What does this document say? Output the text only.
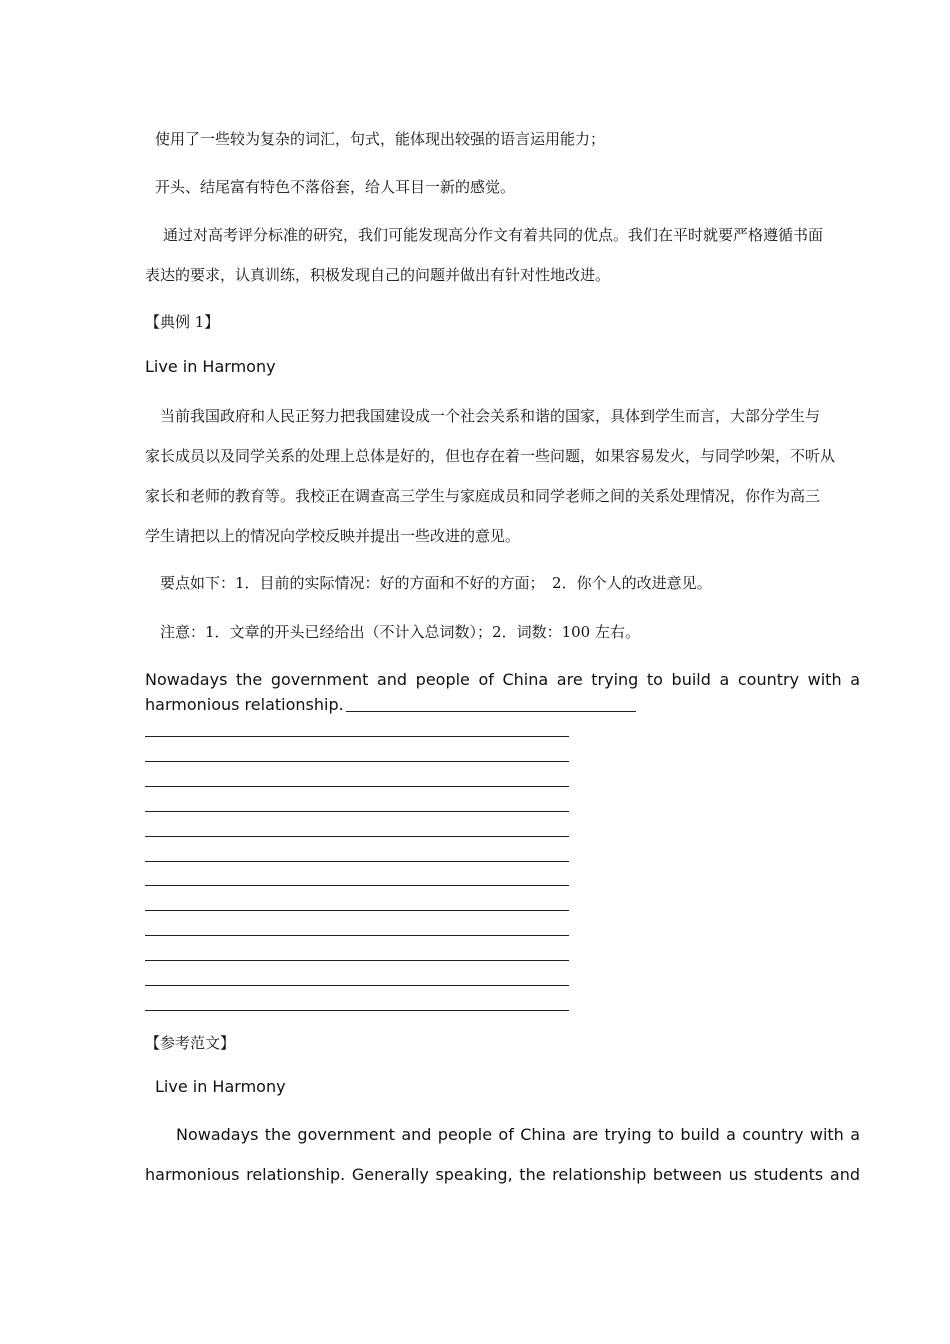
使用了一些较为复杂的词汇，句式，能体现出较强的语言运用能力；
开头、结尾富有特色不落俗套，给人耳目一新的感觉。
通过对高考评分标准的研究，我们可能发现高分作文有着共同的优点。我们在平时就要严格遵循书面
表达的要求，认真训练，积极发现自己的问题并做出有针对性地改进。
【典例 1】
Live in Harmony
当前我国政府和人民正努力把我国建设成一个社会关系和谐的国家，具体到学生而言，大部分学生与
家长成员以及同学关系的处理上总体是好的，但也存在着一些问题，如果容易发火，与同学吵架，不听从
家长和老师的教育等。我校正在调查高三学生与家庭成员和同学老师之间的关系处理情况，你作为高三
学生请把以上的情况向学校反映并提出一些改进的意见。
要点如下：1．目前的实际情况：好的方面和不好的方面；　2．你个人的改进意见。
注意：1．文章的开头已经给出（不计入总词数）；2．词数：100 左右。
Nowadays the government and people of China are trying to build a country with a
harmonious relationship.
【参考范文】
Live in Harmony
Nowadays the government and people of China are trying to build a country with a
harmonious relationship. Generally speaking, the relationship between us students and
